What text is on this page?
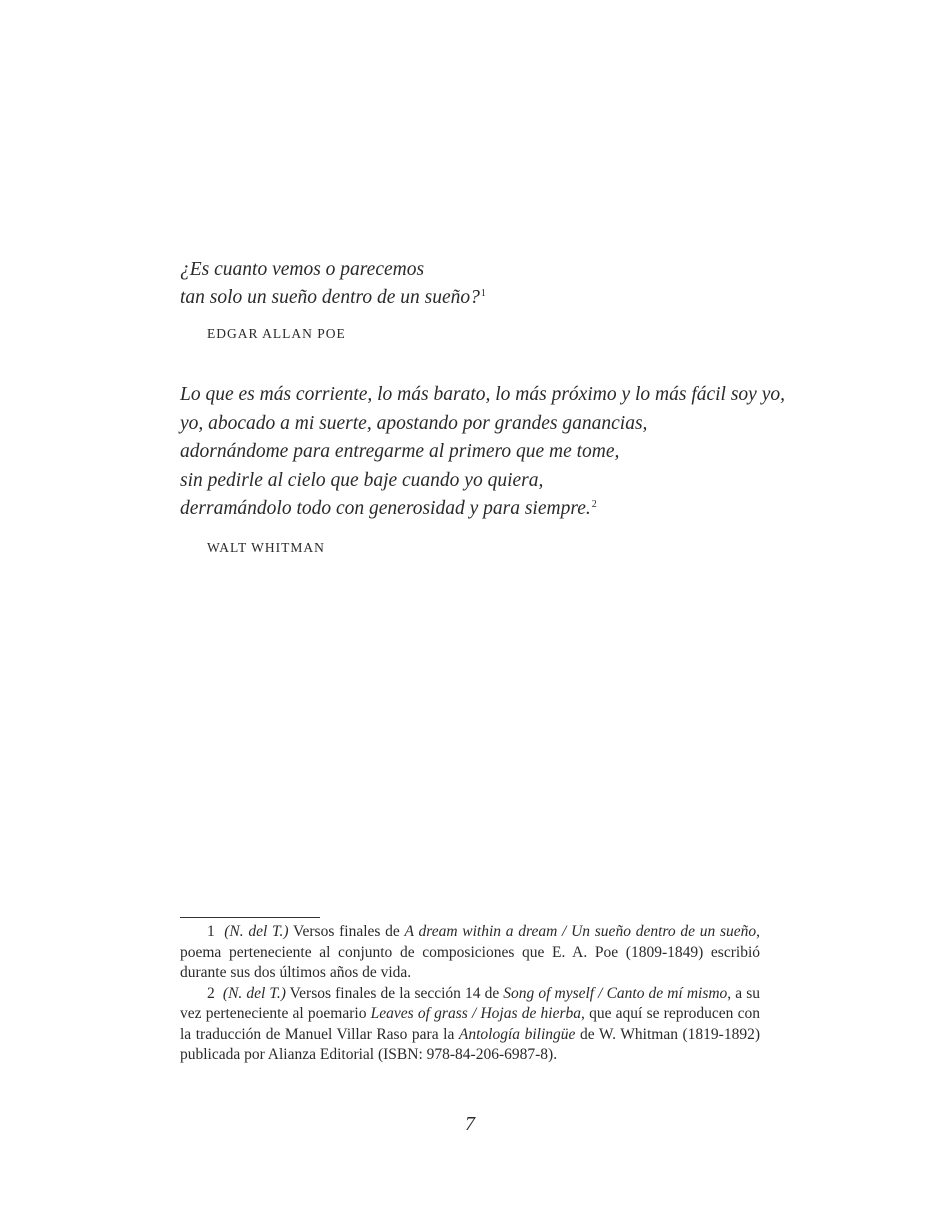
¿Es cuanto vemos o parecemos
tan solo un sueño dentro de un sueño?$^1$

EDGAR ALLAN POE

Lo que es más corriente, lo más barato, lo más próximo y lo más fácil soy yo,
yo, abocado a mi suerte, apostando por grandes ganancias,
adornándome para entregarme al primero que me tome,
sin pedirle al cielo que baje cuando yo quiera,
derramándolo todo con generosidad y para siempre.$^2$

WALT WHITMAN

1 (N. del T.) Versos finales de A dream within a dream / Un sueño dentro de un sueño, poema perteneciente al conjunto de composiciones que E. A. Poe (1809-1849) escribió durante sus dos últimos años de vida.

2 (N. del T.) Versos finales de la sección 14 de Song of myself / Canto de mí mismo, a su vez perteneciente al poemario Leaves of grass / Hojas de hierba, que aquí se reproducen con la traducción de Manuel Villar Raso para la Antología bilingüe de W. Whitman (1819-1892) publicada por Alianza Editorial (ISBN: 978-84-206-6987-8).

7
